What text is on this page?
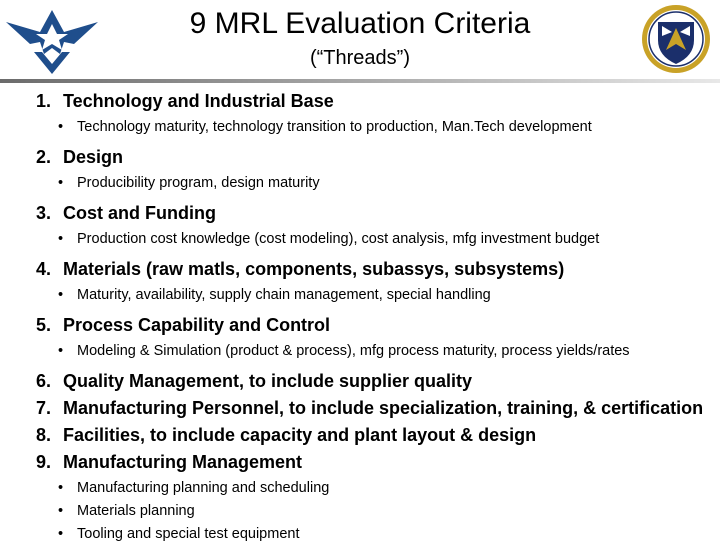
9 MRL Evaluation Criteria
(“Threads”)
1. Technology and Industrial Base
• Technology maturity, technology transition to production, Man.Tech development
2. Design
• Producibility program, design maturity
3. Cost and Funding
• Production cost knowledge (cost modeling), cost analysis, mfg investment budget
4. Materials (raw matls, components, subassys, subsystems)
• Maturity, availability, supply chain management, special handling
5. Process Capability and Control
• Modeling & Simulation (product & process), mfg process maturity, process yields/rates
6. Quality Management, to include supplier quality
7. Manufacturing Personnel, to include specialization, training, & certification
8. Facilities, to include capacity and plant layout & design
9. Manufacturing Management
• Manufacturing planning and scheduling
• Materials planning
• Tooling and special test equipment
